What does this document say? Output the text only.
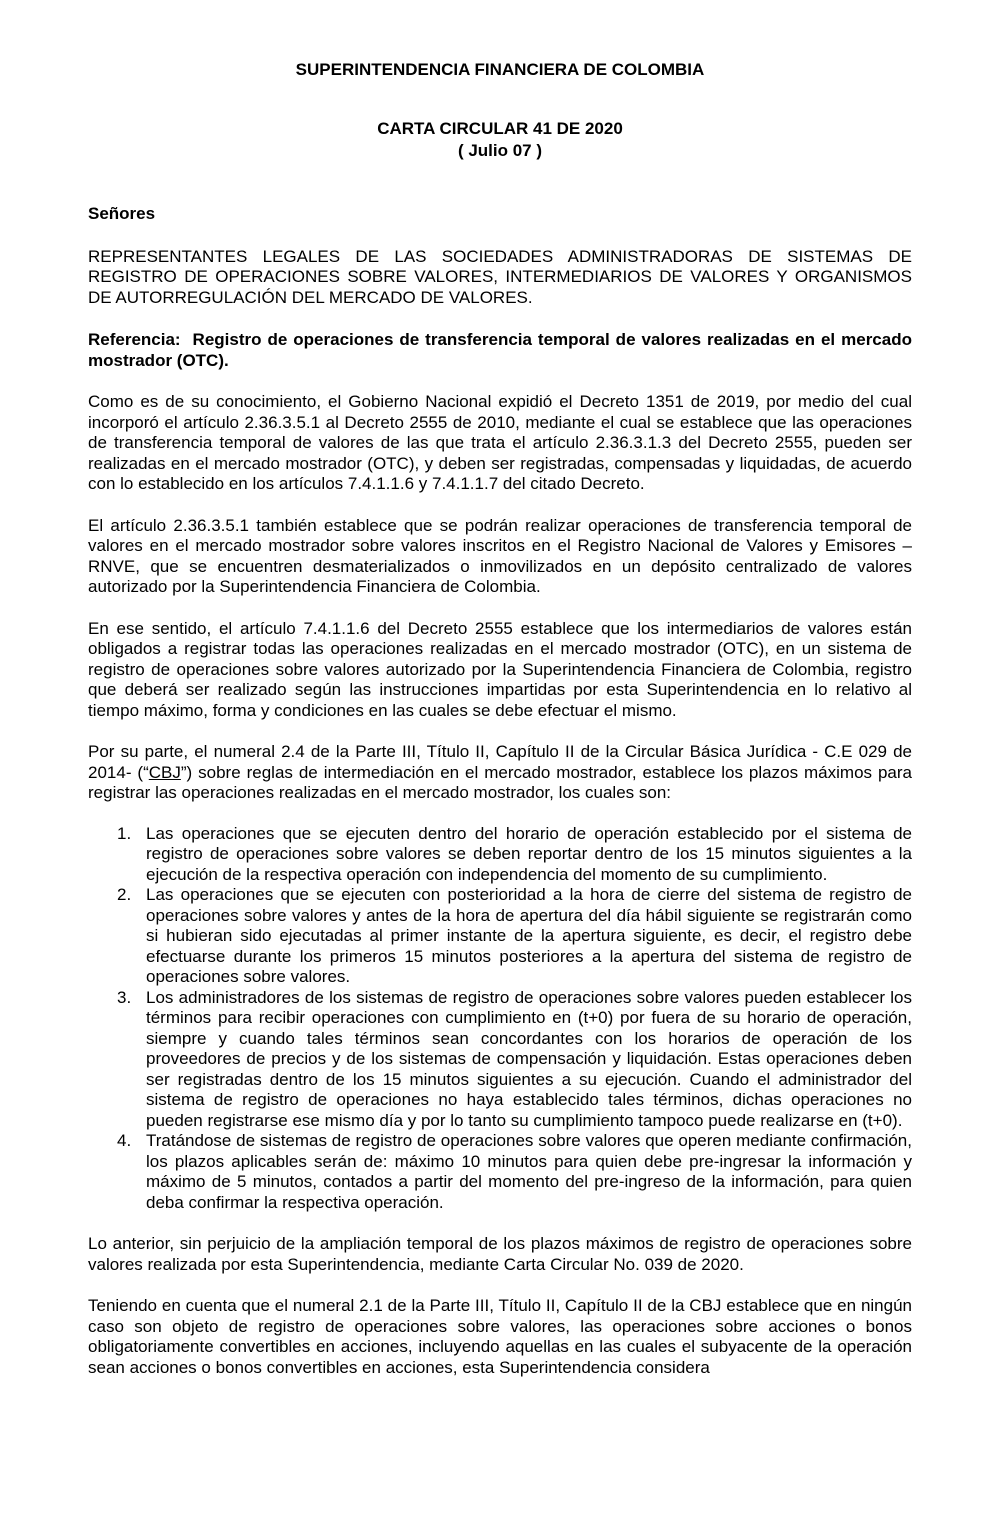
SUPERINTENDENCIA FINANCIERA DE COLOMBIA
CARTA CIRCULAR 41 DE 2020
( Julio 07 )

Señores

REPRESENTANTES LEGALES DE LAS SOCIEDADES ADMINISTRADORAS DE SISTEMAS DE REGISTRO DE OPERACIONES SOBRE VALORES, INTERMEDIARIOS DE VALORES Y ORGANISMOS DE AUTORREGULACIÓN DEL MERCADO DE VALORES.

Referencia: Registro de operaciones de transferencia temporal de valores realizadas en el mercado mostrador (OTC).

Como es de su conocimiento, el Gobierno Nacional expidió el Decreto 1351 de 2019, por medio del cual incorporó el artículo 2.36.3.5.1 al Decreto 2555 de 2010, mediante el cual se establece que las operaciones de transferencia temporal de valores de las que trata el artículo 2.36.3.1.3 del Decreto 2555, pueden ser realizadas en el mercado mostrador (OTC), y deben ser registradas, compensadas y liquidadas, de acuerdo con lo establecido en los artículos 7.4.1.1.6 y 7.4.1.1.7 del citado Decreto.

El artículo 2.36.3.5.1 también establece que se podrán realizar operaciones de transferencia temporal de valores en el mercado mostrador sobre valores inscritos en el Registro Nacional de Valores y Emisores – RNVE, que se encuentren desmaterializados o inmovilizados en un depósito centralizado de valores autorizado por la Superintendencia Financiera de Colombia.

En ese sentido, el artículo 7.4.1.1.6 del Decreto 2555 establece que los intermediarios de valores están obligados a registrar todas las operaciones realizadas en el mercado mostrador (OTC), en un sistema de registro de operaciones sobre valores autorizado por la Superintendencia Financiera de Colombia, registro que deberá ser realizado según las instrucciones impartidas por esta Superintendencia en lo relativo al tiempo máximo, forma y condiciones en las cuales se debe efectuar el mismo.

Por su parte, el numeral 2.4 de la Parte III, Título II, Capítulo II de la Circular Básica Jurídica - C.E 029 de 2014- (“CBJ”) sobre reglas de intermediación en el mercado mostrador, establece los plazos máximos para registrar las operaciones realizadas en el mercado mostrador, los cuales son:

1. Las operaciones que se ejecuten dentro del horario de operación establecido por el sistema de registro de operaciones sobre valores se deben reportar dentro de los 15 minutos siguientes a la ejecución de la respectiva operación con independencia del momento de su cumplimiento.
2. Las operaciones que se ejecuten con posterioridad a la hora de cierre del sistema de registro de operaciones sobre valores y antes de la hora de apertura del día hábil siguiente se registrarán como si hubieran sido ejecutadas al primer instante de la apertura siguiente, es decir, el registro debe efectuarse durante los primeros 15 minutos posteriores a la apertura del sistema de registro de operaciones sobre valores.
3. Los administradores de los sistemas de registro de operaciones sobre valores pueden establecer los términos para recibir operaciones con cumplimiento en (t+0) por fuera de su horario de operación, siempre y cuando tales términos sean concordantes con los horarios de operación de los proveedores de precios y de los sistemas de compensación y liquidación. Estas operaciones deben ser registradas dentro de los 15 minutos siguientes a su ejecución. Cuando el administrador del sistema de registro de operaciones no haya establecido tales términos, dichas operaciones no pueden registrarse ese mismo día y por lo tanto su cumplimiento tampoco puede realizarse en (t+0).
4. Tratándose de sistemas de registro de operaciones sobre valores que operen mediante confirmación, los plazos aplicables serán de: máximo 10 minutos para quien debe pre-ingresar la información y máximo de 5 minutos, contados a partir del momento del pre-ingreso de la información, para quien deba confirmar la respectiva operación.

Lo anterior, sin perjuicio de la ampliación temporal de los plazos máximos de registro de operaciones sobre valores realizada por esta Superintendencia, mediante Carta Circular No. 039 de 2020.

Teniendo en cuenta que el numeral 2.1 de la Parte III, Título II, Capítulo II de la CBJ establece que en ningún caso son objeto de registro de operaciones sobre valores, las operaciones sobre acciones o bonos obligatoriamente convertibles en acciones, incluyendo aquellas en las cuales el subyacente de la operación sean acciones o bonos convertibles en acciones, esta Superintendencia considera
